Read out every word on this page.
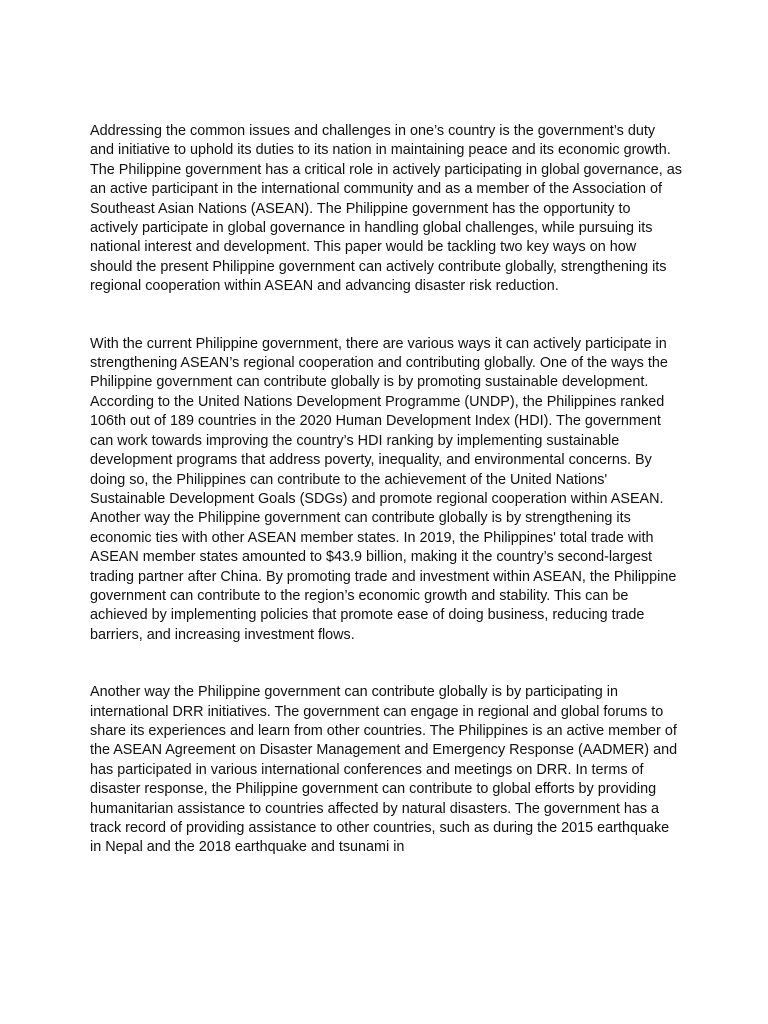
Addressing the common issues and challenges in one’s country is the government’s duty and initiative to uphold its duties to its nation in maintaining peace and its economic growth. The Philippine government has a critical role in actively participating in global governance, as an active participant in the international community and as a member of the Association of Southeast Asian Nations (ASEAN). The Philippine government has the opportunity to actively participate in global governance in handling global challenges, while pursuing its national interest and development. This paper would be tackling two key ways on how should the present Philippine government can actively contribute globally, strengthening its regional cooperation within ASEAN and advancing disaster risk reduction.

With the current Philippine government, there are various ways it can actively participate in strengthening ASEAN’s regional cooperation and contributing globally. One of the ways the Philippine government can contribute globally is by promoting sustainable development. According to the United Nations Development Programme (UNDP), the Philippines ranked 106th out of 189 countries in the 2020 Human Development Index (HDI). The government can work towards improving the country’s HDI ranking by implementing sustainable development programs that address poverty, inequality, and environmental concerns. By doing so, the Philippines can contribute to the achievement of the United Nations' Sustainable Development Goals (SDGs) and promote regional cooperation within ASEAN. Another way the Philippine government can contribute globally is by strengthening its economic ties with other ASEAN member states. In 2019, the Philippines' total trade with ASEAN member states amounted to $43.9 billion, making it the country’s second-largest trading partner after China. By promoting trade and investment within ASEAN, the Philippine government can contribute to the region’s economic growth and stability. This can be achieved by implementing policies that promote ease of doing business, reducing trade barriers, and increasing investment flows.

Another way the Philippine government can contribute globally is by participating in international DRR initiatives. The government can engage in regional and global forums to share its experiences and learn from other countries. The Philippines is an active member of the ASEAN Agreement on Disaster Management and Emergency Response (AADMER) and has participated in various international conferences and meetings on DRR. In terms of disaster response, the Philippine government can contribute to global efforts by providing humanitarian assistance to countries affected by natural disasters. The government has a track record of providing assistance to other countries, such as during the 2015 earthquake in Nepal and the 2018 earthquake and tsunami in
